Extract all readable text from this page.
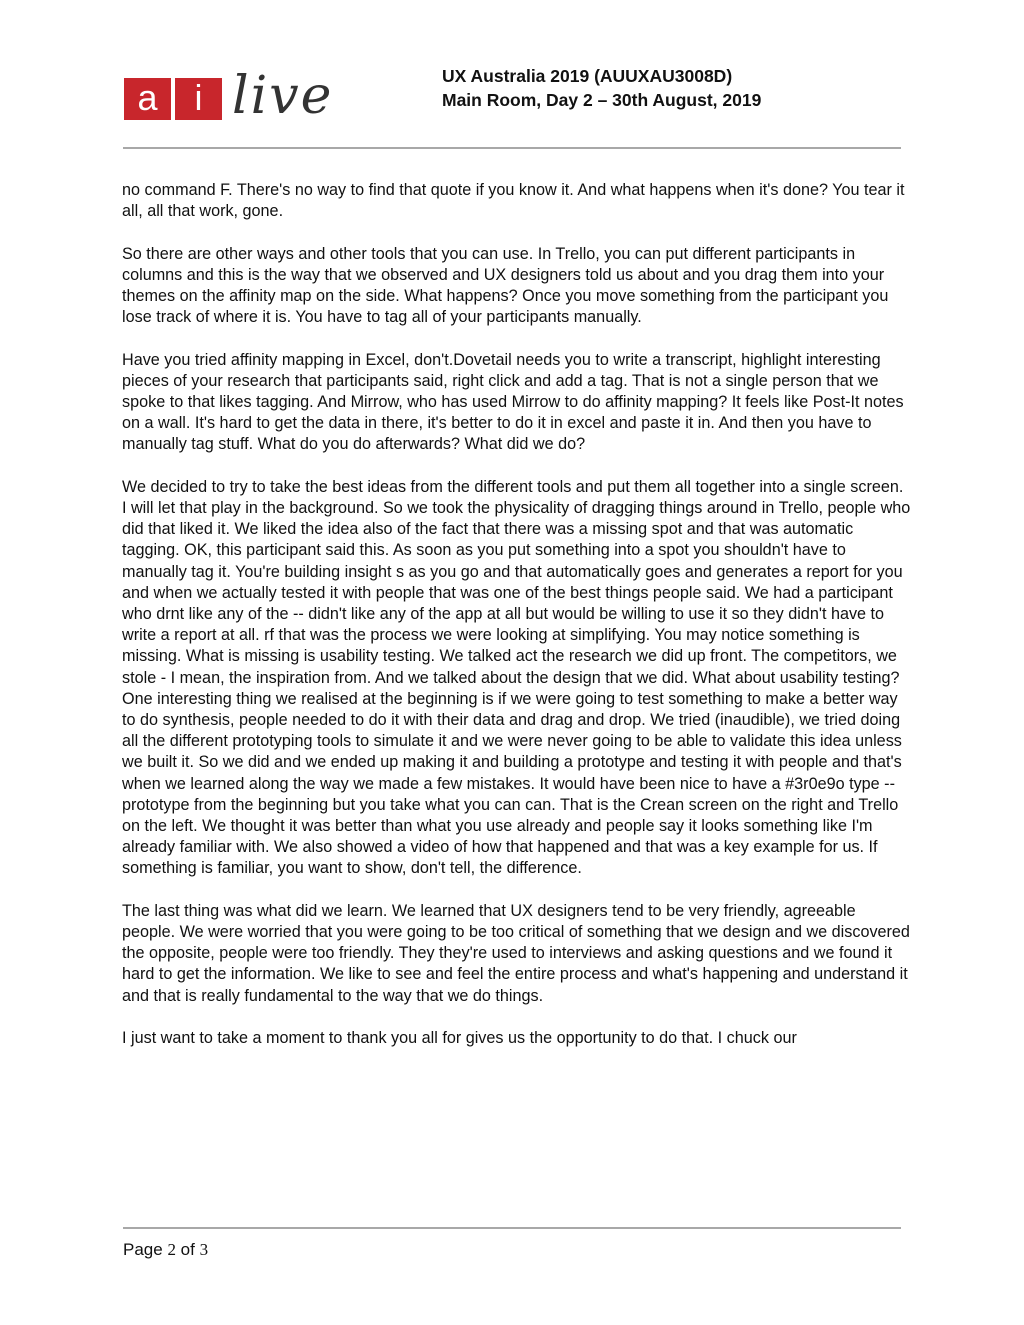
a	i live	UX Australia 2019 (AUUXAU3008D)
Main Room, Day 2 – 30th August, 2019

no command F. There's no way to find that quote if you know it. And what happens when it's done? You tear it all, all that work, gone.

So there are other ways and other tools that you can use. In Trello, you can put different participants in columns and this is the way that we observed and UX designers told us about and you drag them into your themes on the affinity map on the side. What happens? Once you move something from the participant you lose track of where it is. You have to tag all of your participants manually.

Have you tried affinity mapping in Excel, don't.Dovetail needs you to write a transcript, highlight interesting pieces of your research that participants said, right click and add a tag. That is not a single person that we spoke to that likes tagging. And Mirrow, who has used Mirrow to do affinity mapping? It feels like Post-It notes on a wall. It's hard to get the data in there, it's better to do it in excel and paste it in. And then you have to manually tag stuff. What do you do afterwards? What did we do?

We decided to try to take the best ideas from the different tools and put them all together into a single screen. I will let that play in the background. So we took the physicality of dragging things around in Trello, people who did that liked it. We liked the idea also of the fact that there was a missing spot and that was automatic tagging. OK, this participant said this. As soon as you put something into a spot you shouldn't have to manually tag it. You're building insight s as you go and that automatically goes and generates a report for you and when we actually tested it with people that was one of the best things people said. We had a participant who drnt like any of the -- didn't like any of the app at all but would be willing to use it so they didn't have to write a report at all. rf that was the process we were looking at simplifying. You may notice something is missing. What is missing is usability testing. We talked act the research we did up front. The competitors, we stole - I mean, the inspiration from. And we talked about the design that we did. What about usability testing? One interesting thing we realised at the beginning is if we were going to test something to make a better way to do synthesis, people needed to do it with their data and drag and drop. We tried (inaudible), we tried doing all the different prototyping tools to simulate it and we were never going to be able to validate this idea unless we built it. So we did and we ended up making it and building a prototype and testing it with people and that's when we learned along the way we made a few mistakes. It would have been nice to have a #3r0e9o type -- prototype from the beginning but you take what you can can. That is the Crean screen on the right and Trello on the left. We thought it was better than what you use already and people say it looks something like I'm already familiar with. We also showed a video of how that happened and that was a key example for us. If something is familiar, you want to show, don't tell, the difference.

The last thing was what did we learn. We learned that UX designers tend to be very friendly, agreeable people. We were worried that you were going to be too critical of something that we design and we discovered the opposite, people were too friendly. They they're used to interviews and asking questions and we found it hard to get the information. We like to see and feel the entire process and what's happening and understand it and that is really fundamental to the way that we do things.

I just want to take a moment to thank you all for gives us the opportunity to do that. I chuck our

Page 2 of 3
